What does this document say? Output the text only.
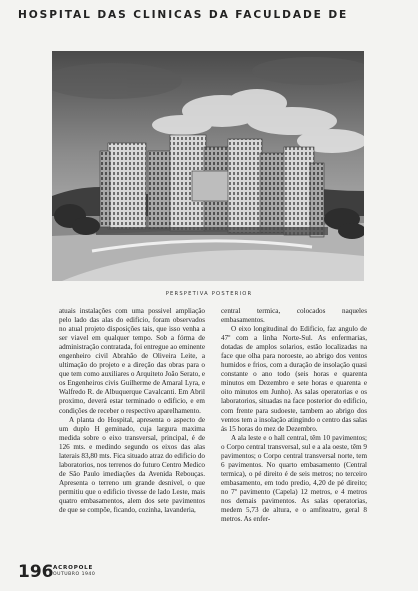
HOSPITAL DAS CLINICAS DA FACULDADE DE
PERSPETIVA POSTERIOR

atuais instalações com uma possivel ampliação pelo lado das alas do edificio, foram observados no atual projeto disposições tais, que isso venha a ser viavel em qualquer tempo. Sob a fórma de administração contratada, foi entregue ao eminente engenheiro civil Abrahão de Oliveira Leite, a ultimação do projeto e a direção das obras para o que tem como auxiliares o Arquiteto João Serato, e os Engenheiros civis Guilherme de Amaral Lyra, e Walfredo R. de Albuquerque Cavalcanti. Em Abril proximo, deverá estar terminado o edificio, e em condições de receber o respectivo aparelhamento.

A planta do Hospital, apresenta o aspecto de um duplo H geminado, cuja largura maxima medida sobre o eixo transversal, principal, é de 126 mts. e medindo segundo os eixos das alas laterais 83,80 mts. Fica situado atraz do edificio do laboratorios, nos terrenos do futuro Centro Medico de São Paulo imediações da Avenida Rebouças. Apresenta o terreno um grande desnivel, o que permitiu que o edificio tivesse de lado Leste, mais quatro embasamentos, alem dos sete pavimentos de que se compõe, ficando, cozinha, lavanderia,

central termica, colocados naqueles embasamentos.

O eixo longitudinal do Edificio, faz angulo de 47º com a linha Norte-Sul. As enfermarias, dotadas de amplos solarios, estão localizadas na face que olha para noroeste, ao abrigo dos ventos humidos e frios, com a duração de insolação quasi constante o ano todo (seis horas e quarenta minutos em Dezembro e sete horas e quarenta e oito minutos em Junho). As salas operatorias e os laboratorios, situadas na face posterior do edificio, com frente para sudoeste, tambem ao abrigo dos ventos tem a insolação atingindo o centro das salas ás 15 horas do mez de Dezembro.

A ala leste e o hall central, têm 10 pavimentos; o Corpo central transversal, sul e a ala oeste, têm 9 pavimentos; o Corpo central transversal norte, tem 6 pavimentos. No quarto embasamento (Central termica), o pé direito é de seis metros; no terceiro embasamento, em todo predio, 4,20 de pé direito; no 7º pavimento (Capela) 12 metros, e 4 metros nos demais pavimentos. As salas operatorias, medem 5,73 de altura, e o amfiteatro, geral 8 metros. As enfer-

196 ACROPOLE
OUTUBRO 1940
